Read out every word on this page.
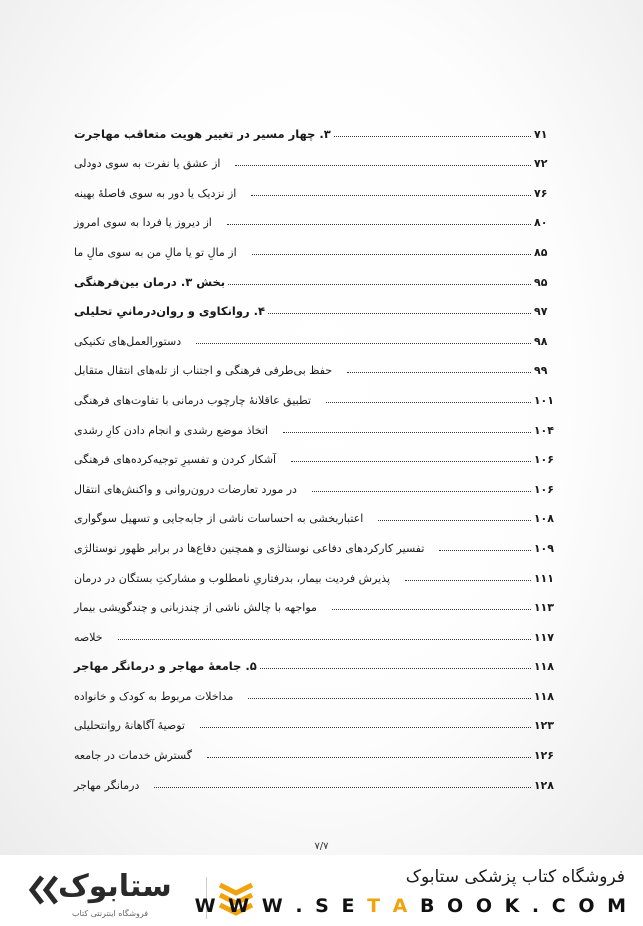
۳. چهار مسیر در تغییر هویت متعاقب مهاجرت	۷۱
از عشق یا نفرت به سوی دودلی	۷۲
از نزدیک یا دور به سوی فاصلهٔ بهینه	۷۶
از دیروز یا فردا به سوی امروز	۸۰
از مالِ تو یا مالِ من به سوی مالِ ما	۸۵
بخش ۳. درمان بین‌فرهنگی	۹۵
۴. روانکاوی و روان‌درمانیِ تحلیلی	۹۷
دستورالعمل‌های تکنیکی	۹۸
حفظ بی‌طرفی فرهنگی و اجتناب از تله‌های انتقال متقابل	۹۹
تطبیق عاقلانهٔ چارچوب درمانی با تفاوت‌های فرهنگی	۱۰۱
اتخاذ موضع رشدی و انجام دادن کارِ رشدی	۱۰۴
آشکار کردن و تفسیرِ توجیه‌کرده‌های فرهنگی	۱۰۶
در مورد تعارضات درون‌روانی و واکنش‌های انتقال	۱۰۶
اعتباربخشی به احساسات ناشی از جابه‌جایی و تسهیل سوگواری	۱۰۸
تفسیر کارکردهای دفاعی نوستالژی و همچنین دفاع‌ها در برابر ظهور نوستالژی	۱۰۹
پذیرش فردیت بیمار، بدرفتاریِ نامطلوب و مشارکتِ بستگان در درمان	۱۱۱
مواجهه با چالش ناشی از چندزبانی و چندگویشی بیمار	۱۱۳
خلاصه	۱۱۷
۵. جامعهٔ مهاجر و درمانگر مهاجر	۱۱۸
مداخلات مربوط به کودک و خانواده	۱۱۸
توصیهٔ آگاهانهٔ روانتحلیلی	۱۲۳
گسترش خدمات در جامعه	۱۲۶
درمانگر مهاجر	۱۲۸
۷/۷
ستابوک
فروشگاه اینترنتی کتاب
فروشگاه کتاب پزشکی ستابوک
W W W . S E T A B O O K . C O M
